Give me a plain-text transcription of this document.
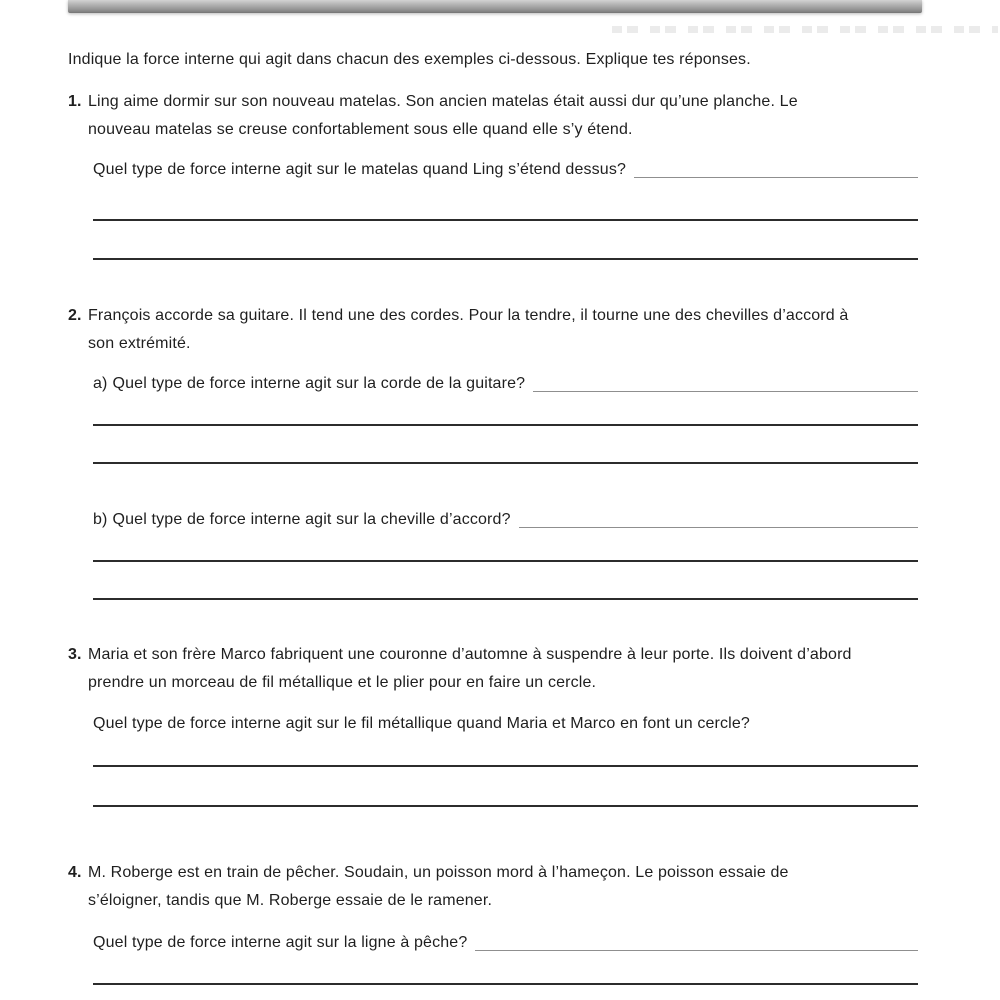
Indique la force interne qui agit dans chacun des exemples ci-dessous. Explique tes réponses.

1. Ling aime dormir sur son nouveau matelas. Son ancien matelas était aussi dur qu’une planche. Le
nouveau matelas se creuse confortablement sous elle quand elle s’y étend.
Quel type de force interne agit sur le matelas quand Ling s’étend dessus?
2. François accorde sa guitare. Il tend une des cordes. Pour la tendre, il tourne une des chevilles d’accord à
son extrémité.
a) Quel type de force interne agit sur la corde de la guitare?
b) Quel type de force interne agit sur la cheville d’accord?
3. Maria et son frère Marco fabriquent une couronne d’automne à suspendre à leur porte. Ils doivent d’abord
prendre un morceau de fil métallique et le plier pour en faire un cercle.
Quel type de force interne agit sur le fil métallique quand Maria et Marco en font un cercle?
4. M. Roberge est en train de pêcher. Soudain, un poisson mord à l’hameçon. Le poisson essaie de
s’éloigner, tandis que M. Roberge essaie de le ramener.
Quel type de force interne agit sur la ligne à pêche?
